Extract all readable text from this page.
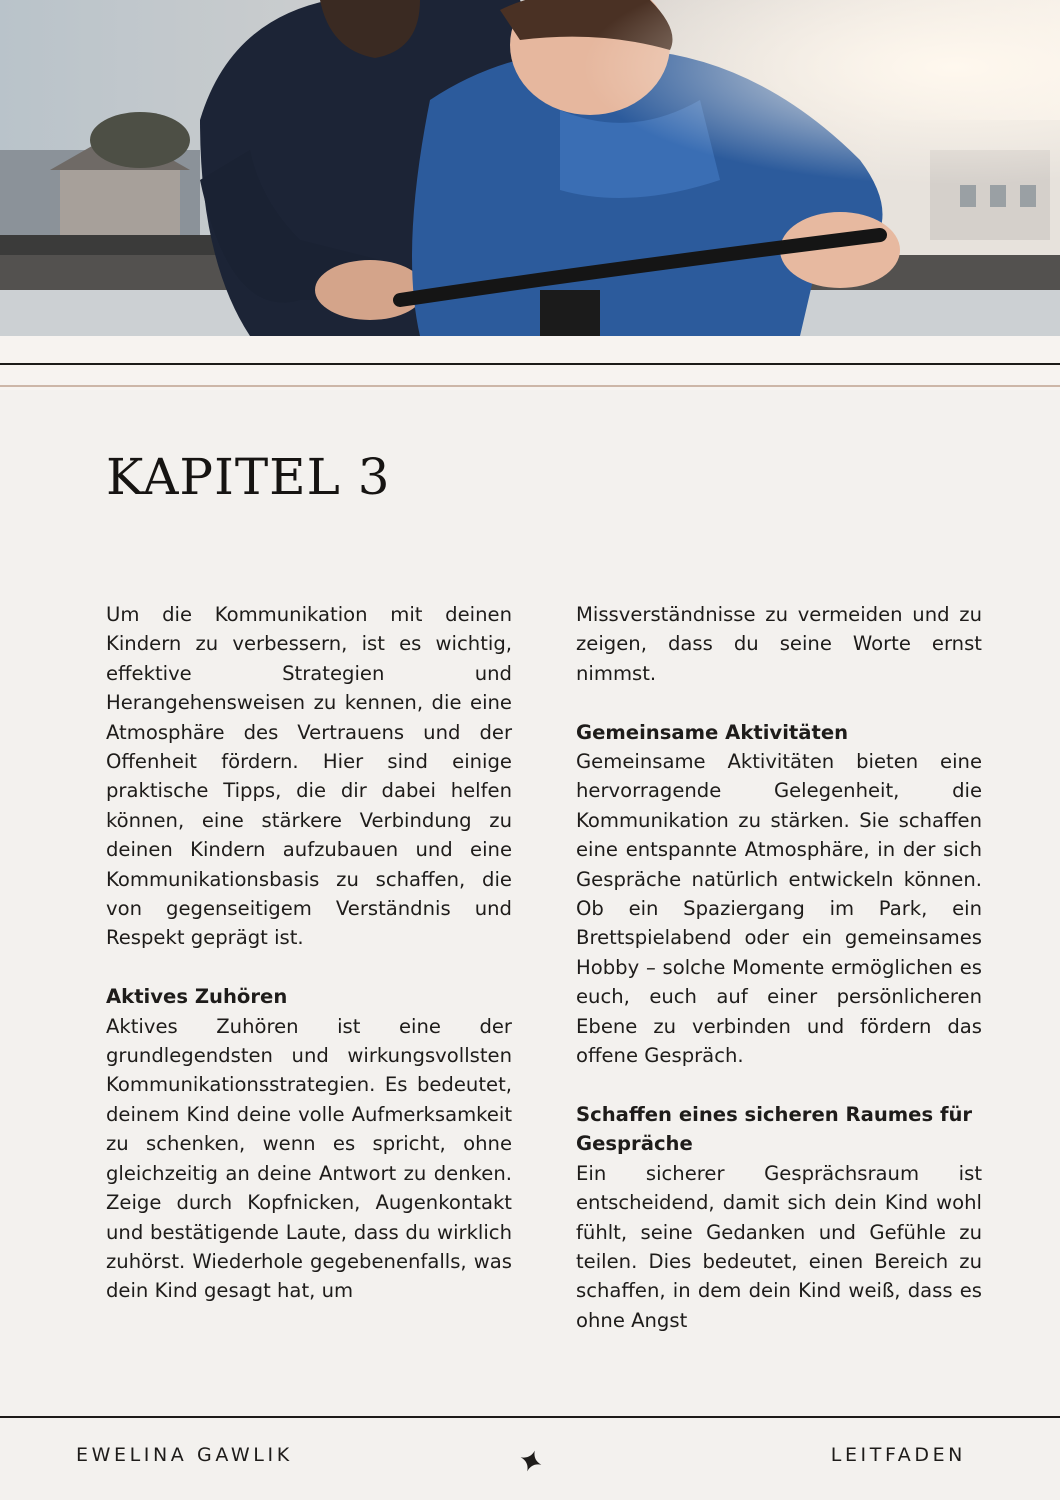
KAPITEL 3

Um die Kommunikation mit deinen Kindern zu verbessern, ist es wichtig, effektive Strategien und Herangehensweisen zu kennen, die eine Atmosphäre des Vertrauens und der Offenheit fördern. Hier sind einige praktische Tipps, die dir dabei helfen können, eine stärkere Verbindung zu deinen Kindern aufzubauen und eine Kommunikationsbasis zu schaffen, die von gegenseitigem Verständnis und Respekt geprägt ist.

Aktives Zuhören

Aktives Zuhören ist eine der grundlegendsten und wirkungsvollsten Kommunikationsstrategien. Es bedeutet, deinem Kind deine volle Aufmerksamkeit zu schenken, wenn es spricht, ohne gleichzeitig an deine Antwort zu denken. Zeige durch Kopfnicken, Augenkontakt und bestätigende Laute, dass du wirklich zuhörst. Wiederhole gegebenenfalls, was dein Kind gesagt hat, um

Missverständnisse zu vermeiden und zu zeigen, dass du seine Worte ernst nimmst.

Gemeinsame Aktivitäten

Gemeinsame Aktivitäten bieten eine hervorragende Gelegenheit, die Kommunikation zu stärken. Sie schaffen eine entspannte Atmosphäre, in der sich Gespräche natürlich entwickeln können. Ob ein Spaziergang im Park, ein Brettspielabend oder ein gemeinsames Hobby – solche Momente ermöglichen es euch, euch auf einer persönlicheren Ebene zu verbinden und fördern das offene Gespräch.

Schaffen eines sicheren Raumes für Gespräche

Ein sicherer Gesprächsraum ist entscheidend, damit sich dein Kind wohl fühlt, seine Gedanken und Gefühle zu teilen. Dies bedeutet, einen Bereich zu schaffen, in dem dein Kind weiß, dass es ohne Angst

EWELINA GAWLIK	LEITFADEN
